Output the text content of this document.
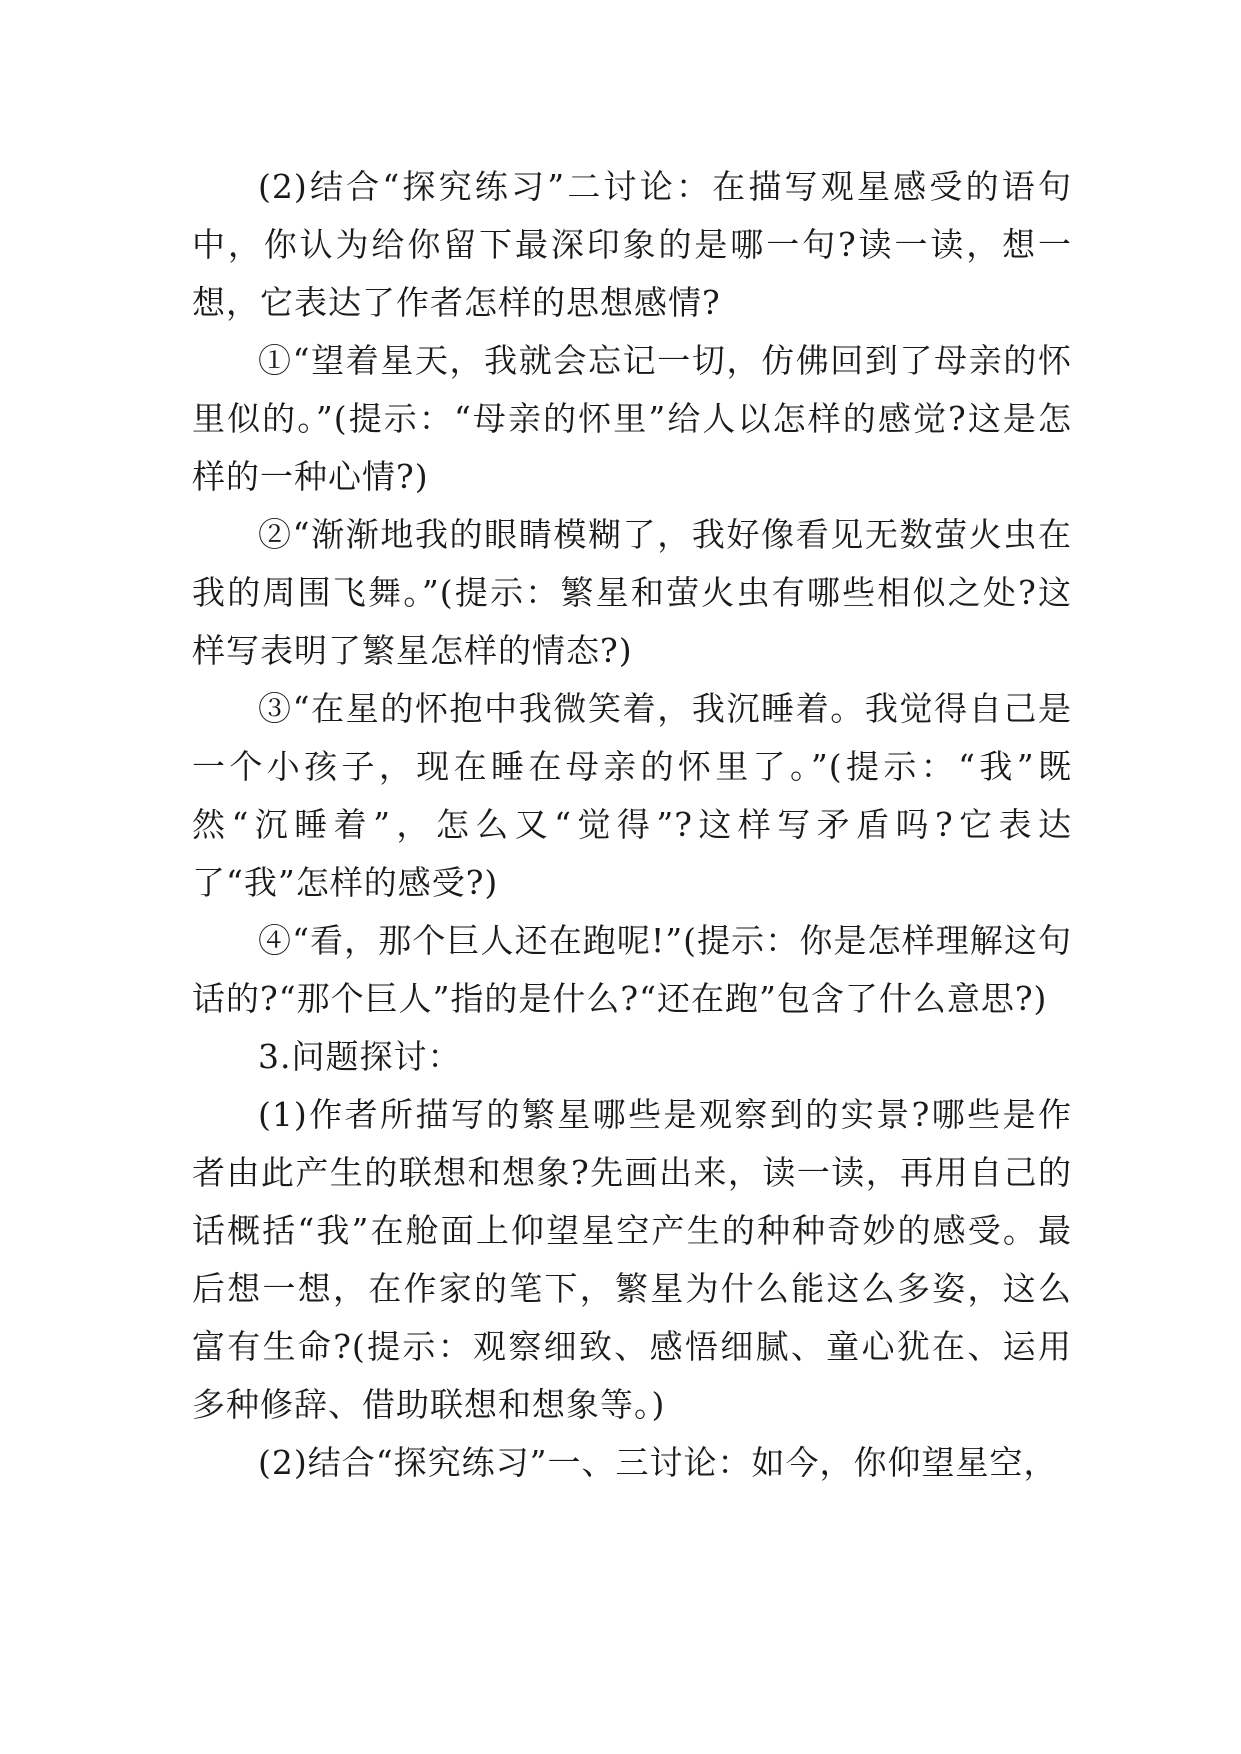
(2)结合“探究练习”二讨论：在描写观星感受的语句中，你认为给你留下最深印象的是哪一句?读一读，想一想，它表达了作者怎样的思想感情?

①“望着星天，我就会忘记一切，仿佛回到了母亲的怀里似的。”(提示：“母亲的怀里”给人以怎样的感觉?这是怎样的一种心情?)

②“渐渐地我的眼睛模糊了，我好像看见无数萤火虫在我的周围飞舞。”(提示：繁星和萤火虫有哪些相似之处?这样写表明了繁星怎样的情态?)

③“在星的怀抱中我微笑着，我沉睡着。我觉得自己是一个小孩子，现在睡在母亲的怀里了。”(提示：“我”既然“沉睡着”，怎么又“觉得”?这样写矛盾吗?它表达了“我”怎样的感受?)

④“看，那个巨人还在跑呢!”(提示：你是怎样理解这句话的?“那个巨人”指的是什么?“还在跑”包含了什么意思?)

3.问题探讨：

(1)作者所描写的繁星哪些是观察到的实景?哪些是作者由此产生的联想和想象?先画出来，读一读，再用自己的话概括“我”在舱面上仰望星空产生的种种奇妙的感受。最后想一想，在作家的笔下，繁星为什么能这么多姿，这么富有生命?(提示：观察细致、感悟细腻、童心犹在、运用多种修辞、借助联想和想象等。)

(2)结合“探究练习”一、三讨论：如今，你仰望星空，
